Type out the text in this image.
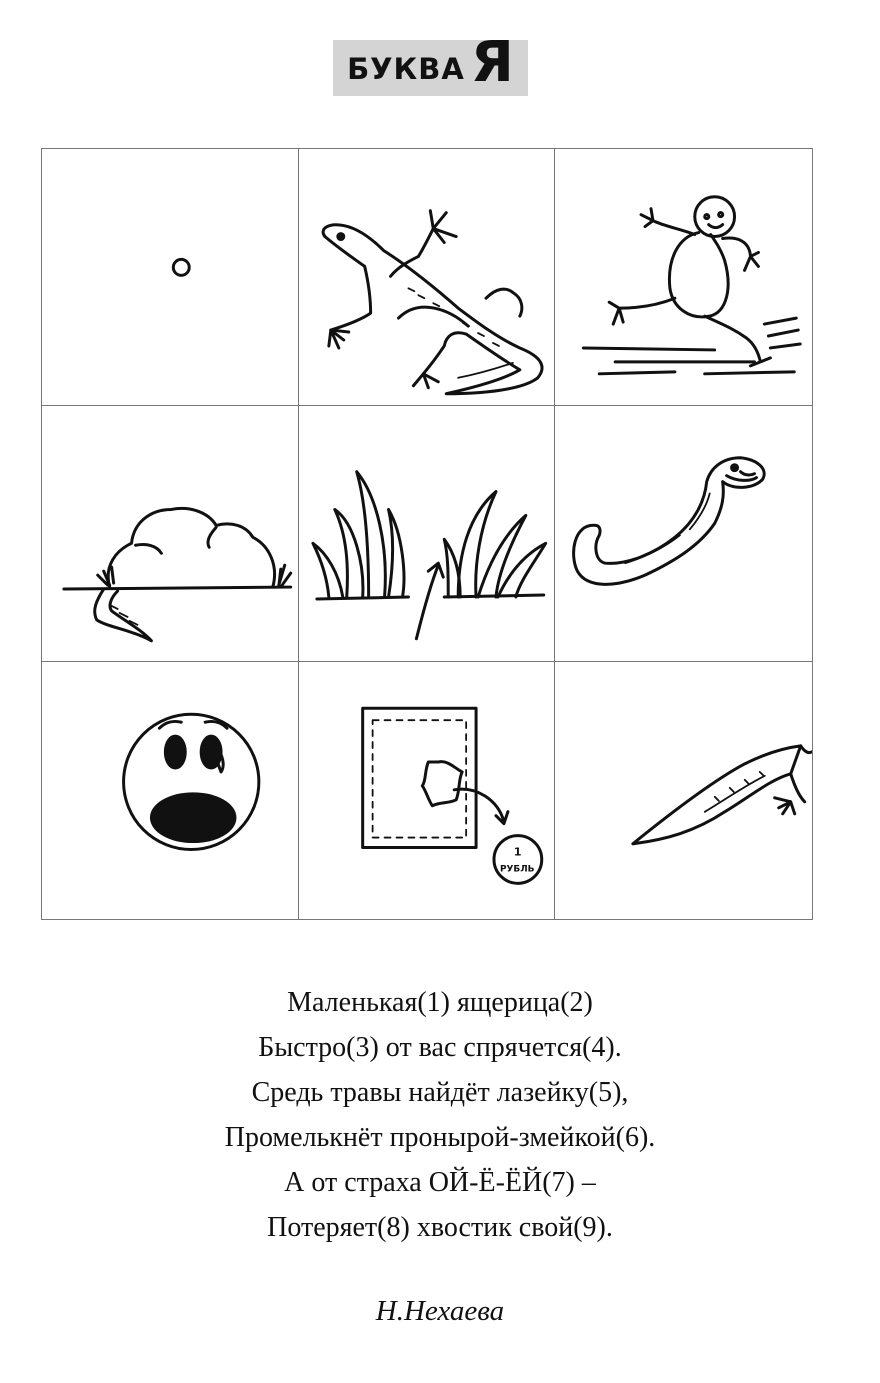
БУКВА Я
1
РУБЛЬ
Маленькая(1) ящерица(2)
Быстро(3) от вас спрячется(4).
Средь травы найдёт лазейку(5),
Промелькнёт пронырой-змейкой(6).
А от страха ОЙ-Ё-ЁЙ(7) –
Потеряет(8) хвостик свой(9).
Н.Нехаева
